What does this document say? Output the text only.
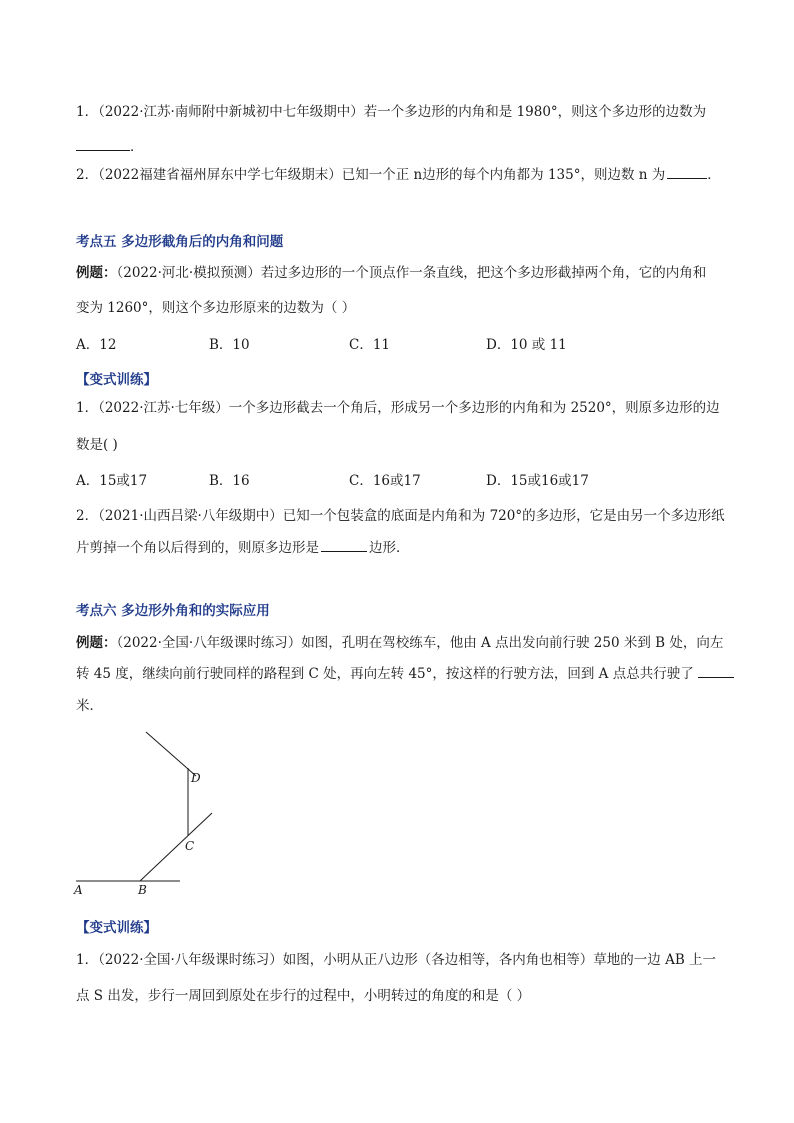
1．（2022·江苏·南师附中新城初中七年级期中）若一个多边形的内角和是 1980°，则这个多边形的边数为
．
2．（2022福建省福州屏东中学七年级期末）已知一个正 n边形的每个内角都为 135°，则边数 n 为	．
考点五 多边形截角后的内角和问题
例题：（2022·河北·模拟预测）若过多边形的一个顶点作一条直线，把这个多边形截掉两个角，它的内角和
变为 1260°，则这个多边形原来的边数为（ ）
A．12	B．10	C．11	D．10 或 11
【变式训练】
1．（2022·江苏·七年级）一个多边形截去一个角后，形成另一个多边形的内角和为 2520°，则原多边形的边
数是( )
A．15或17	B．16	C．16或17	D．15或16或17
2．（2021·山西吕梁·八年级期中）已知一个包装盒的底面是内角和为 720°的多边形，它是由另一个多边形纸
片剪掉一个角以后得到的，则原多边形是	边形．
考点六 多边形外角和的实际应用
例题：（2022·全国·八年级课时练习）如图，孔明在驾校练车，他由 A 点出发向前行驶 250 米到 B 处，向左
转 45 度，继续向前行驶同样的路程到 C 处，再向左转 45°，按这样的行驶方法，回到 A 点总共行驶了
米．
A	B
C
D
【变式训练】
1．（2022·全国·八年级课时练习）如图，小明从正八边形（各边相等，各内角也相等）草地的一边 AB 上一
点 S 出发，步行一周回到原处在步行的过程中，小明转过的角度的和是（ ）
